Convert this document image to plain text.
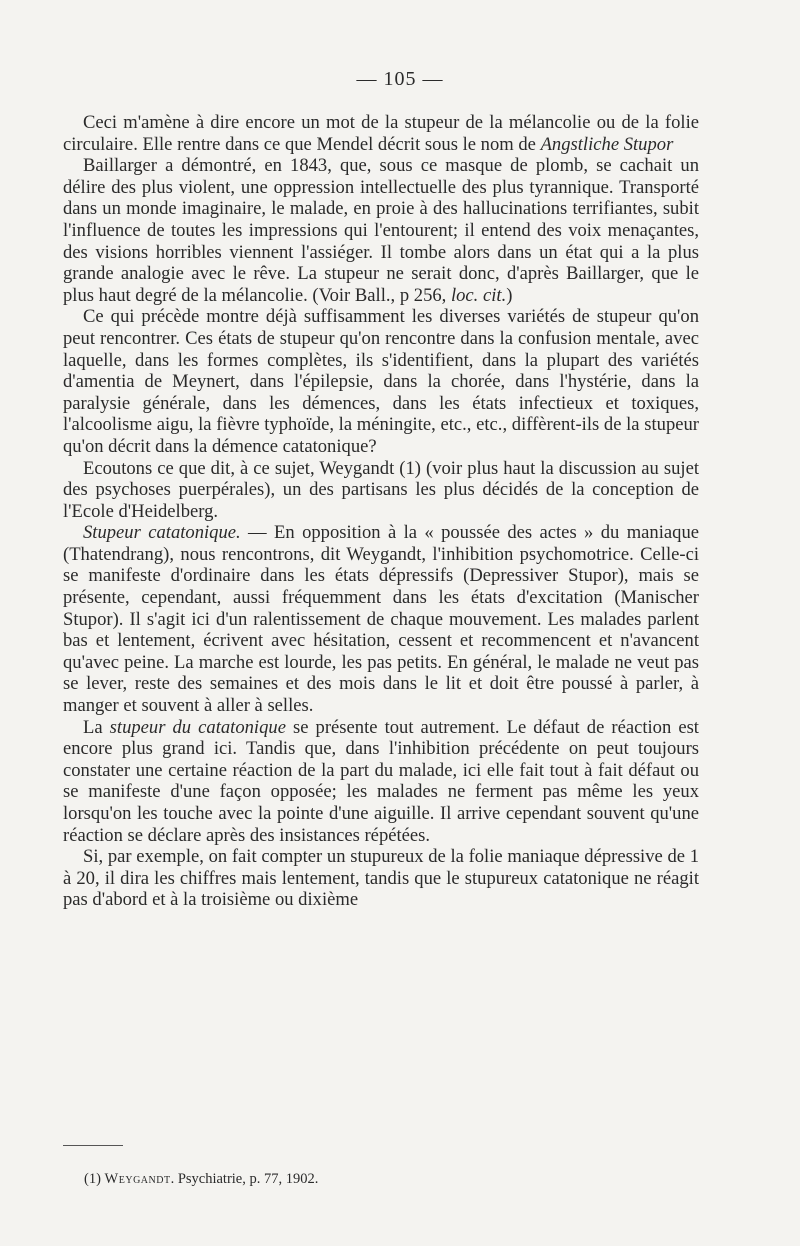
— 105 —

Ceci m'amène à dire encore un mot de la stupeur de la mélancolie ou de la folie circulaire. Elle rentre dans ce que Mendel décrit sous le nom de Angstliche Stupor

Baillarger a démontré, en 1843, que, sous ce masque de plomb, se cachait un délire des plus violent, une oppression intellectuelle des plus tyrannique. Transporté dans un monde imaginaire, le malade, en proie à des hallucinations terrifiantes, subit l'influence de toutes les impressions qui l'entourent; il entend des voix menaçantes, des visions horribles viennent l'assiéger. Il tombe alors dans un état qui a la plus grande analogie avec le rêve. La stupeur ne serait donc, d'après Baillarger, que le plus haut degré de la mélancolie. (Voir Ball., p 256, loc. cit.)

Ce qui précède montre déjà suffisamment les diverses variétés de stupeur qu'on peut rencontrer. Ces états de stupeur qu'on rencontre dans la confusion mentale, avec laquelle, dans les formes complètes, ils s'identifient, dans la plupart des variétés d'amentia de Meynert, dans l'épilepsie, dans la chorée, dans l'hystérie, dans la paralysie générale, dans les démences, dans les états infectieux et toxiques, l'alcoolisme aigu, la fièvre typhoïde, la méningite, etc., etc., diffèrent-ils de la stupeur qu'on décrit dans la démence catatonique?

Ecoutons ce que dit, à ce sujet, Weygandt (1) (voir plus haut la discussion au sujet des psychoses puerpérales), un des partisans les plus décidés de la conception de l'Ecole d'Heidelberg.

Stupeur catatonique. — En opposition à la « poussée des actes » du maniaque (Thatendrang), nous rencontrons, dit Weygandt, l'inhibition psychomotrice. Celle-ci se manifeste d'ordinaire dans les états dépressifs (Depressiver Stupor), mais se présente, cependant, aussi fréquemment dans les états d'excitation (Manischer Stupor). Il s'agit ici d'un ralentissement de chaque mouvement. Les malades parlent bas et lentement, écrivent avec hésitation, cessent et recommencent et n'avancent qu'avec peine. La marche est lourde, les pas petits. En général, le malade ne veut pas se lever, reste des semaines et des mois dans le lit et doit être poussé à parler, à manger et souvent à aller à selles.

La stupeur du catatonique se présente tout autrement. Le défaut de réaction est encore plus grand ici. Tandis que, dans l'inhibition précédente on peut toujours constater une certaine réaction de la part du malade, ici elle fait tout à fait défaut ou se manifeste d'une façon opposée; les malades ne ferment pas même les yeux lorsqu'on les touche avec la pointe d'une aiguille. Il arrive cependant souvent qu'une réaction se déclare après des insistances répétées.

Si, par exemple, on fait compter un stupureux de la folie maniaque dépressive de 1 à 20, il dira les chiffres mais lentement, tandis que le stupureux catatonique ne réagit pas d'abord et à la troisième ou dixième

(1) Weygandt. Psychiatrie, p. 77, 1902.
